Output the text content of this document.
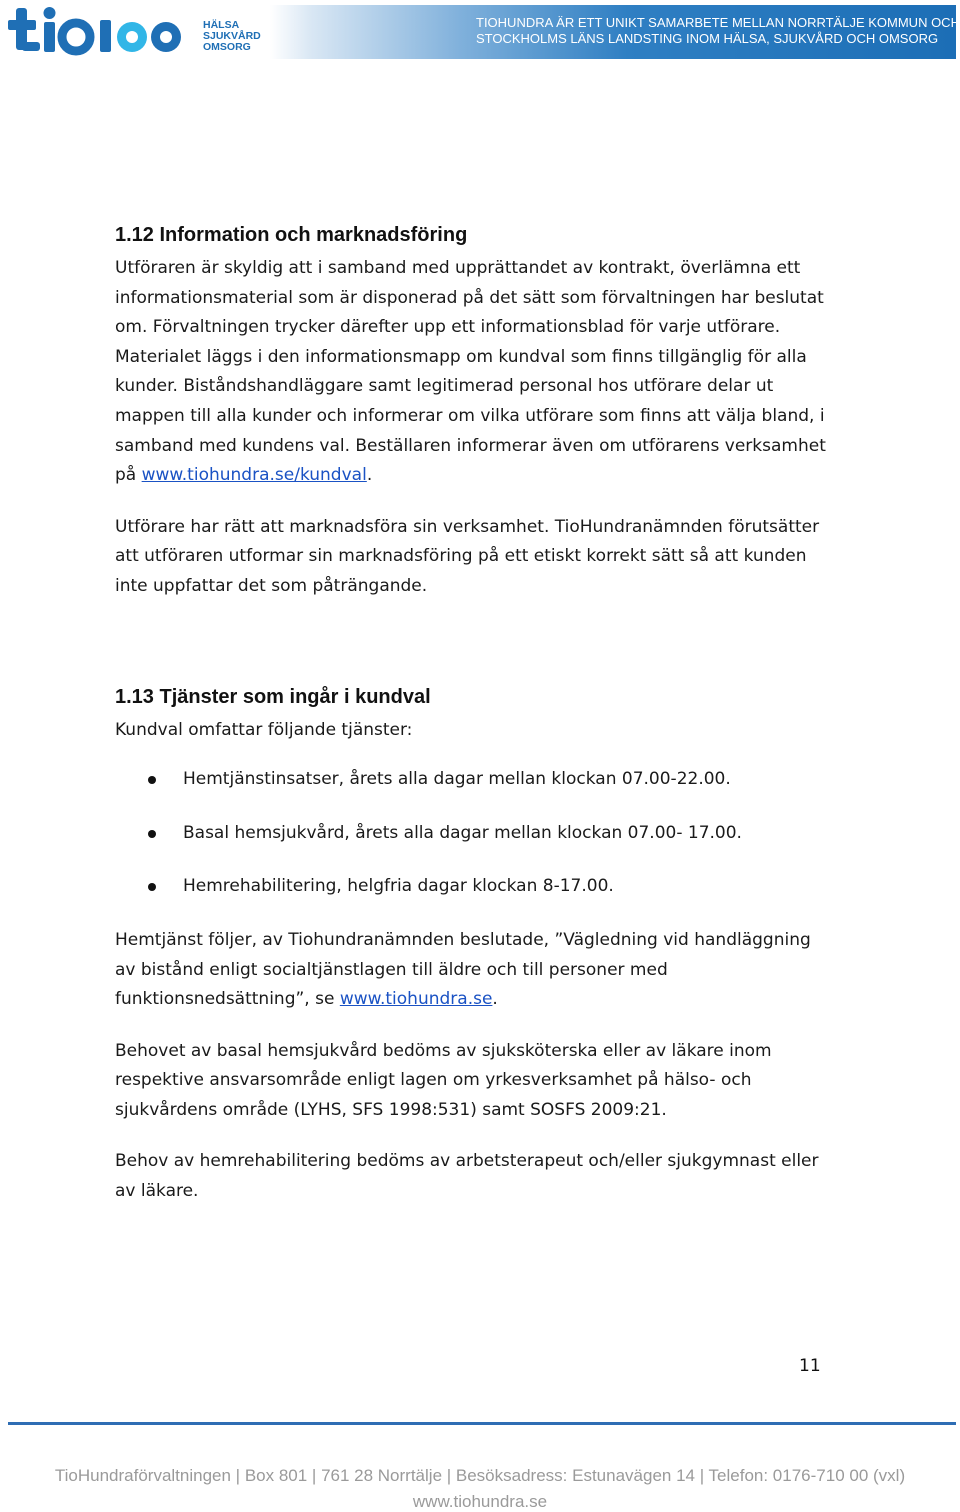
HÄLSA
SJUKVÅRD
OMSORG
TIOHUNDRA ÄR ETT UNIKT SAMARBETE MELLAN NORRTÄLJE KOMMUN OCH
STOCKHOLMS LÄNS LANDSTING INOM HÄLSA, SJUKVÅRD OCH OMSORG
1.12 Information och marknadsföring

Utföraren är skyldig att i samband med upprättandet av kontrakt, överlämna ett informationsmaterial som är disponerad på det sätt som förvaltningen har beslutat om. Förvaltningen trycker därefter upp ett informationsblad för varje utförare. Materialet läggs i den informationsmapp om kundval som finns tillgänglig för alla kunder. Biståndshandläggare samt legitimerad personal hos utförare delar ut mappen till alla kunder och informerar om vilka utförare som finns att välja bland, i samband med kundens val. Beställaren informerar även om utförarens verksamhet på www.tiohundra.se/kundval.

Utförare har rätt att marknadsföra sin verksamhet. TioHundranämnden förutsätter att utföraren utformar sin marknadsföring på ett etiskt korrekt sätt så att kunden inte uppfattar det som påträngande.

1.13 Tjänster som ingår i kundval

Kundval omfattar följande tjänster:

Hemtjänstinsatser, årets alla dagar mellan klockan 07.00-22.00.
Basal hemsjukvård, årets alla dagar mellan klockan 07.00- 17.00.
Hemrehabilitering, helgfria dagar klockan 8-17.00.

Hemtjänst följer, av Tiohundranämnden beslutade, ”Vägledning vid handläggning av bistånd enligt socialtjänstlagen till äldre och till personer med funktionsnedsättning”, se www.tiohundra.se.

Behovet av basal hemsjukvård bedöms av sjuksköterska eller av läkare inom respektive ansvarsområde enligt lagen om yrkesverksamhet på hälso- och sjukvårdens område (LYHS, SFS 1998:531) samt SOSFS 2009:21.

Behov av hemrehabilitering bedöms av arbetsterapeut och/eller sjukgymnast eller av läkare.

11
TioHundraförvaltningen | Box 801 | 761 28 Norrtälje | Besöksadress: Estunavägen 14 | Telefon: 0176-710 00 (vxl)
www.tiohundra.se
